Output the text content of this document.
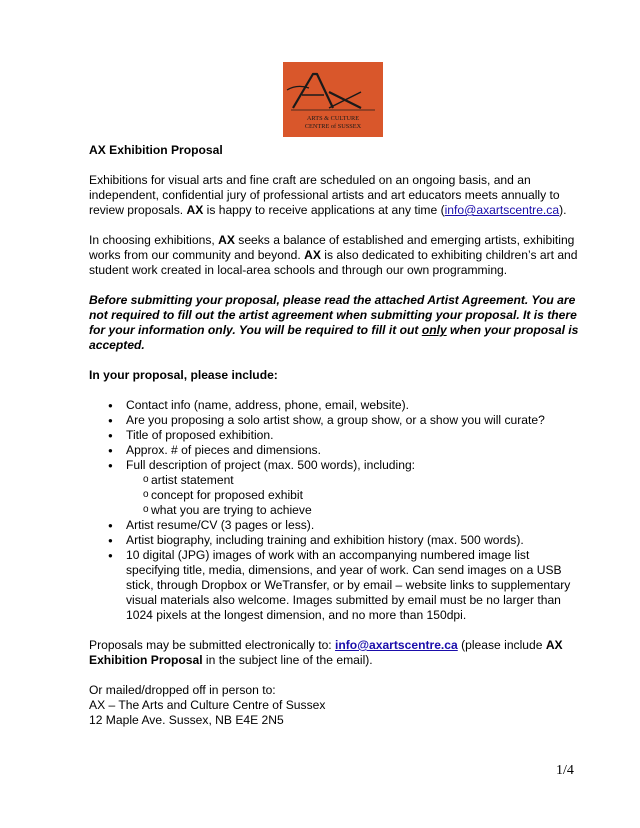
ARTS & CULTURE
CENTRE of SUSSEX

AX Exhibition Proposal

Exhibitions for visual arts and fine craft are scheduled on an ongoing basis, and an independent, confidential jury of professional artists and art educators meets annually to review proposals. AX is happy to receive applications at any time (info@axartscentre.ca).

In choosing exhibitions, AX seeks a balance of established and emerging artists, exhibiting works from our community and beyond. AX is also dedicated to exhibiting children’s art and student work created in local-area schools and through our own programming.

Before submitting your proposal, please read the attached Artist Agreement. You are not required to fill out the artist agreement when submitting your proposal. It is there for your information only. You will be required to fill it out only when your proposal is accepted.

In your proposal, please include:

● Contact info (name, address, phone, email, website).
● Are you proposing a solo artist show, a group show, or a show you will curate?
● Title of proposed exhibition.
● Approx. # of pieces and dimensions.
● Full description of project (max. 500 words), including:
o artist statement
o concept for proposed exhibit
o what you are trying to achieve
● Artist resume/CV (3 pages or less).
● Artist biography, including training and exhibition history (max. 500 words).
● 10 digital (JPG) images of work with an accompanying numbered image list specifying title, media, dimensions, and year of work. Can send images on a USB stick, through Dropbox or WeTransfer, or by email – website links to supplementary visual materials also welcome. Images submitted by email must be no larger than 1024 pixels at the longest dimension, and no more than 150dpi.

Proposals may be submitted electronically to: info@axartscentre.ca (please include AX Exhibition Proposal in the subject line of the email).

Or mailed/dropped off in person to:

AX – The Arts and Culture Centre of Sussex

12 Maple Ave. Sussex, NB E4E 2N5

1/4
